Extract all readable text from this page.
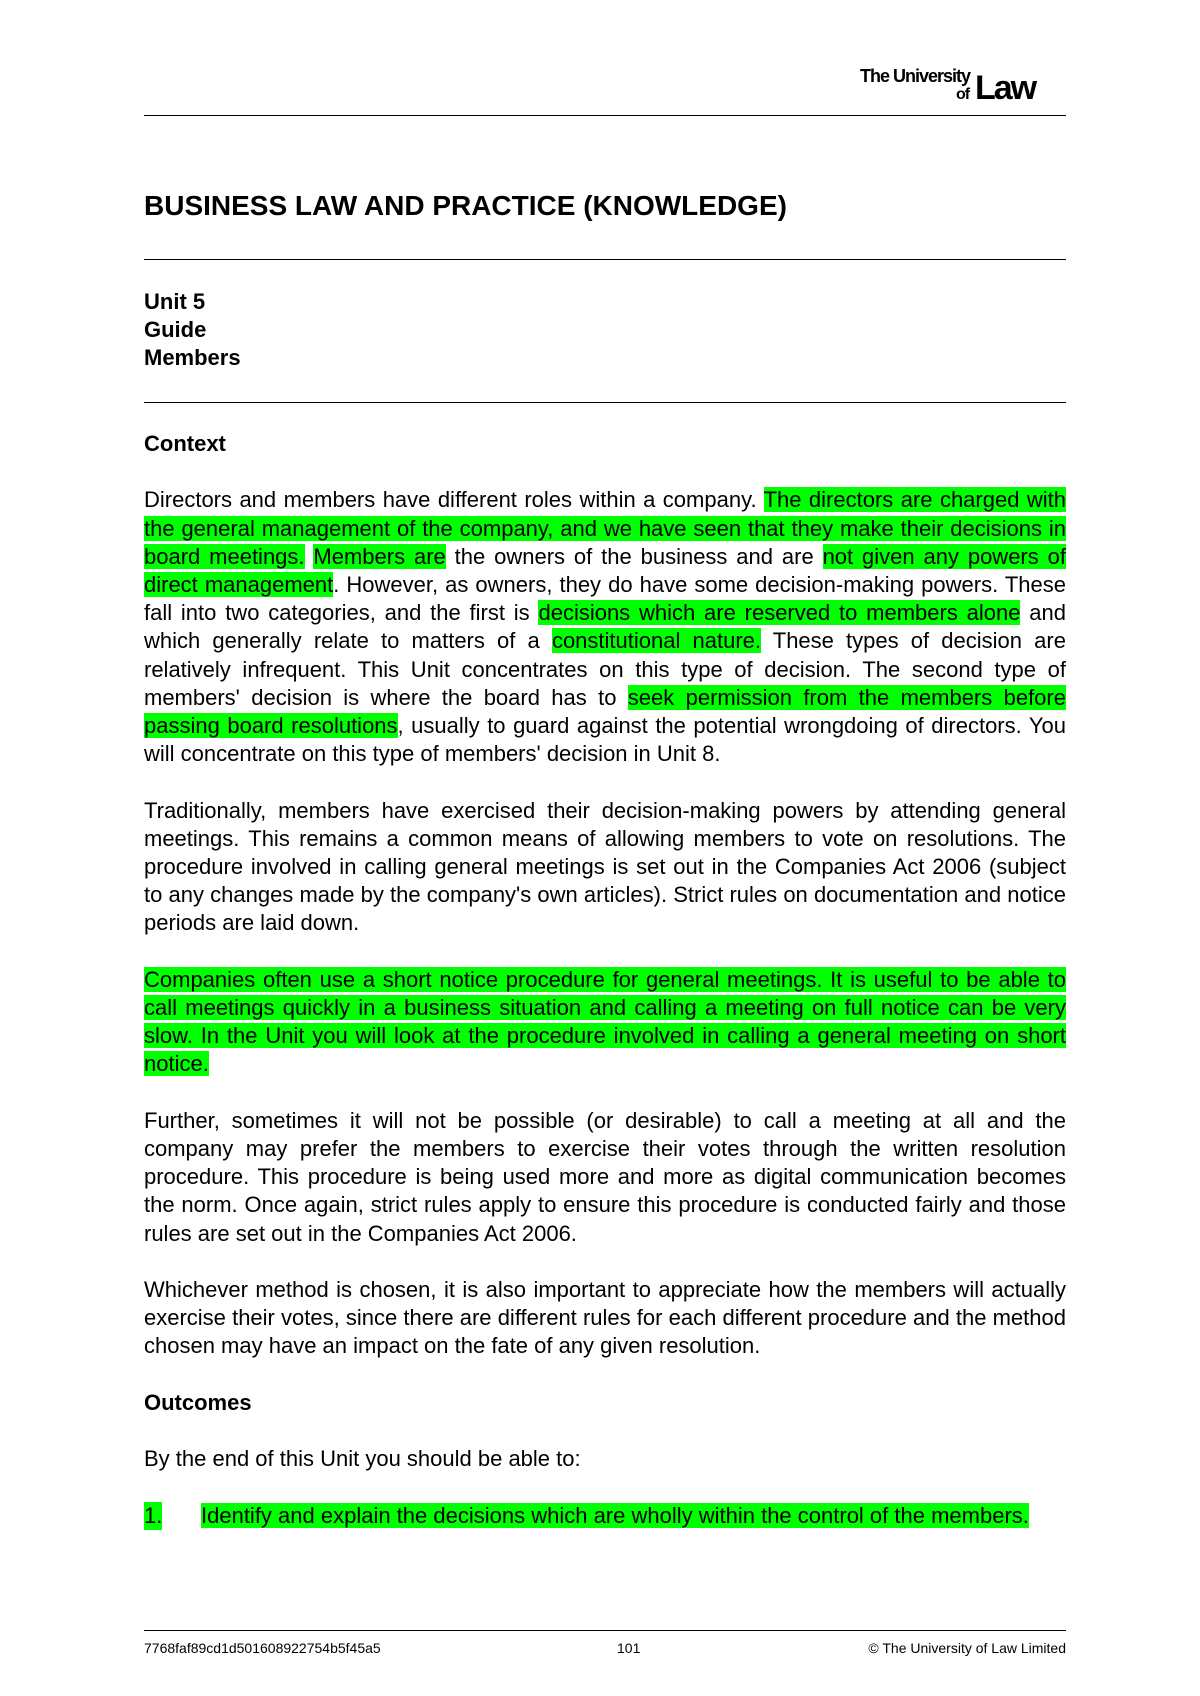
The University
of Law
BUSINESS LAW AND PRACTICE (KNOWLEDGE)
Unit 5
Guide
Members
Context

Directors and members have different roles within a company. The directors are charged with the general management of the company, and we have seen that they make their decisions in board meetings. Members are the owners of the business and are not given any powers of direct management. However, as owners, they do have some decision-making powers. These fall into two categories, and the first is decisions which are reserved to members alone and which generally relate to matters of a constitutional nature. These types of decision are relatively infrequent. This Unit concentrates on this type of decision. The second type of members' decision is where the board has to seek permission from the members before passing board resolutions, usually to guard against the potential wrongdoing of directors. You will concentrate on this type of members' decision in Unit 8.

Traditionally, members have exercised their decision-making powers by attending general meetings. This remains a common means of allowing members to vote on resolutions. The procedure involved in calling general meetings is set out in the Companies Act 2006 (subject to any changes made by the company's own articles). Strict rules on documentation and notice periods are laid down.

Companies often use a short notice procedure for general meetings. It is useful to be able to call meetings quickly in a business situation and calling a meeting on full notice can be very slow. In the Unit you will look at the procedure involved in calling a general meeting on short notice.

Further, sometimes it will not be possible (or desirable) to call a meeting at all and the company may prefer the members to exercise their votes through the written resolution procedure. This procedure is being used more and more as digital communication becomes the norm. Once again, strict rules apply to ensure this procedure is conducted fairly and those rules are set out in the Companies Act 2006.

Whichever method is chosen, it is also important to appreciate how the members will actually exercise their votes, since there are different rules for each different procedure and the method chosen may have an impact on the fate of any given resolution.

Outcomes

By the end of this Unit you should be able to:

1. Identify and explain the decisions which are wholly within the control of the members.
7768faf89cd1d501608922754b5f45a5	101	© The University of Law Limited
